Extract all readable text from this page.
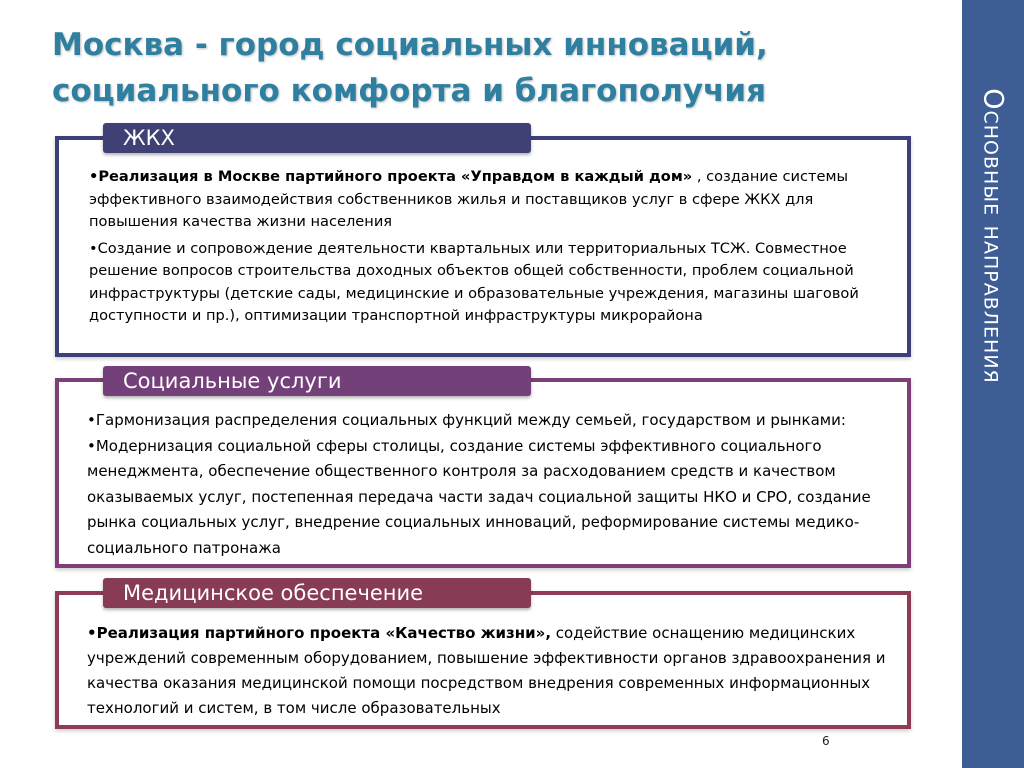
Москва - город социальных инноваций, социального комфорта и благополучия	Основные направления

•Реализация в Москве партийного проекта «Управдом в каждый дом» , создание системы эффективного взаимодействия собственников жилья и поставщиков услуг в сфере ЖКХ для повышения качества жизни населения

•Создание и сопровождение деятельности квартальных или территориальных ТСЖ. Совместное решение вопросов строительства доходных объектов общей собственности, проблем социальной инфраструктуры (детские сады, медицинские и образовательные учреждения, магазины шаговой доступности и пр.), оптимизации транспортной инфраструктуры микрорайона

ЖКХ

•Гармонизация распределения социальных функций между семьей, государством и рынками:

•Модернизация социальной сферы столицы, создание системы эффективного социального менеджмента, обеспечение общественного контроля за расходованием средств и качеством оказываемых услуг, постепенная передача части задач социальной защиты НКО и СРО, создание рынка социальных услуг, внедрение социальных инноваций, реформирование системы медико-социального патронажа

Социальные услуги

•Реализация партийного проекта «Качество жизни», содействие оснащению медицинских учреждений современным оборудованием, повышение эффективности органов здравоохранения и качества оказания медицинской помощи посредством внедрения современных информационных технологий и систем, в том числе образовательных

Медицинское обеспечение
6
